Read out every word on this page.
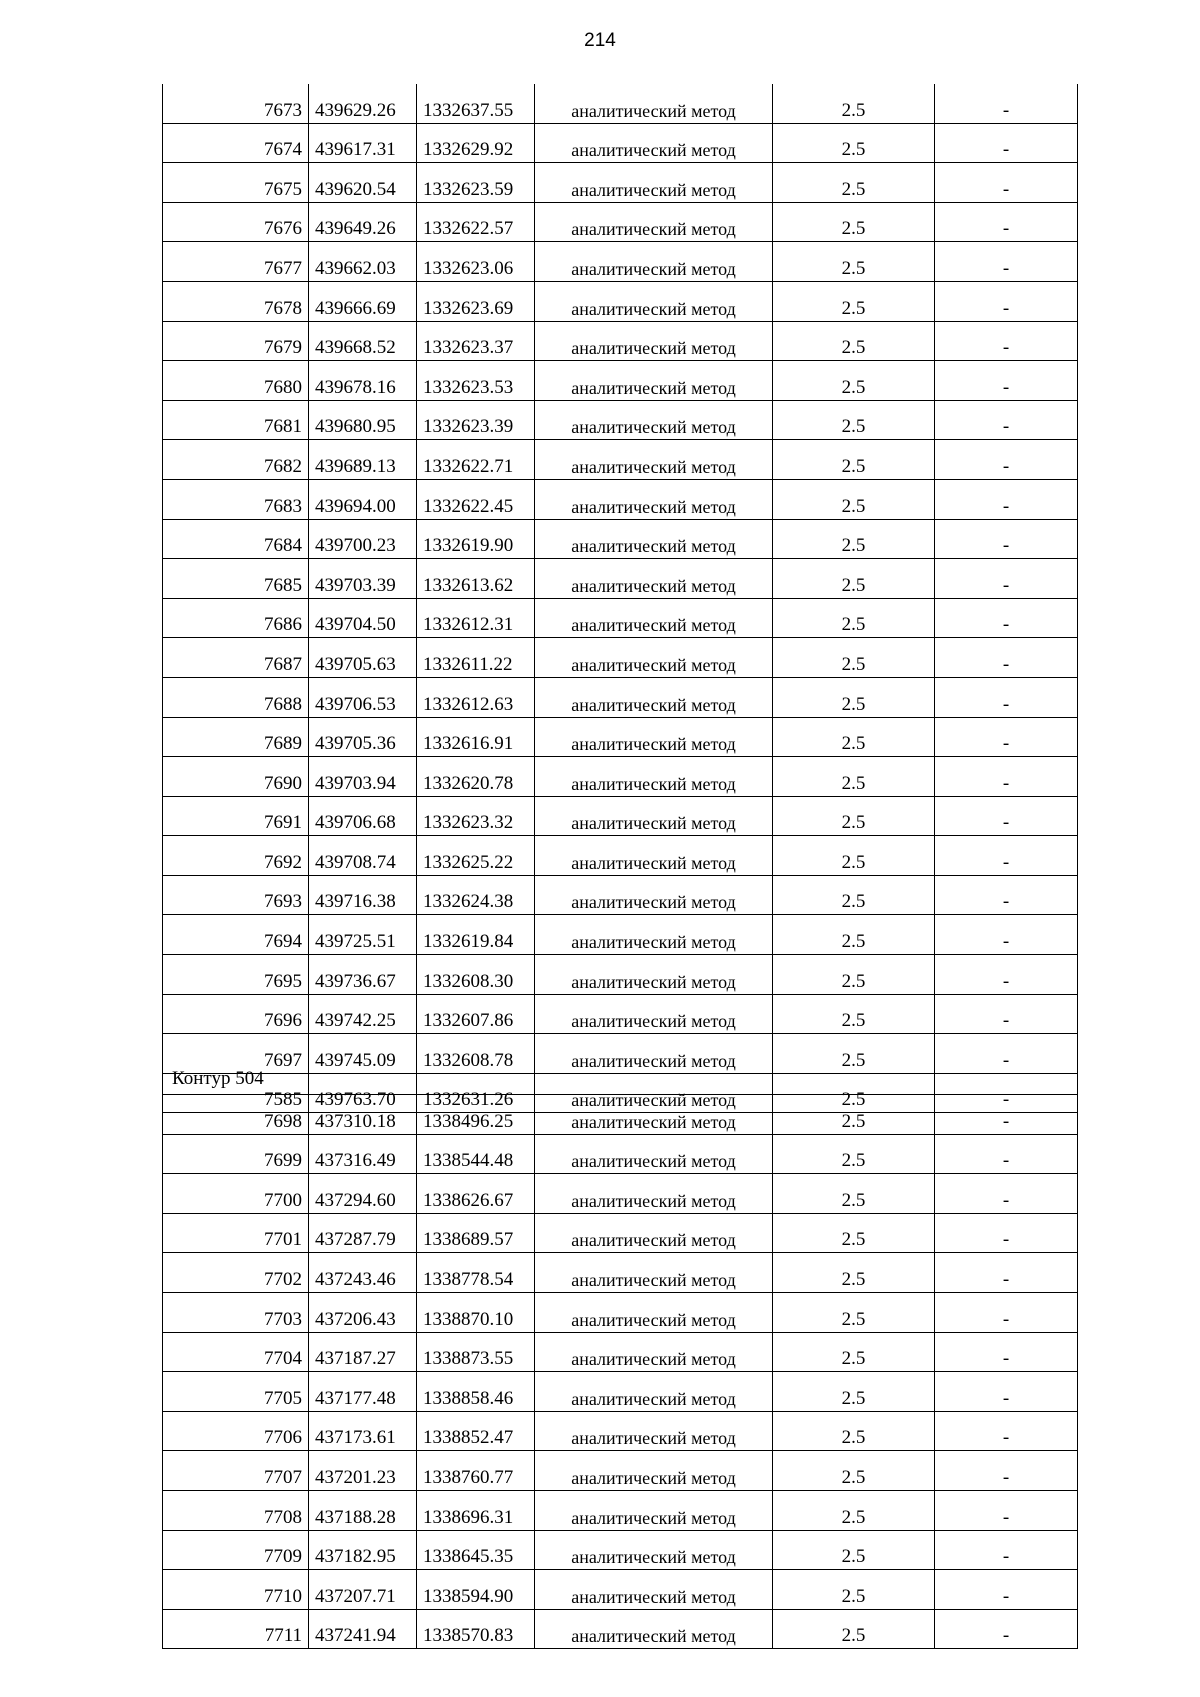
214
7673	439629.26	1332637.55	аналитический метод	2.5	-
7674	439617.31	1332629.92	аналитический метод	2.5	-
7675	439620.54	1332623.59	аналитический метод	2.5	-
7676	439649.26	1332622.57	аналитический метод	2.5	-
7677	439662.03	1332623.06	аналитический метод	2.5	-
7678	439666.69	1332623.69	аналитический метод	2.5	-
7679	439668.52	1332623.37	аналитический метод	2.5	-
7680	439678.16	1332623.53	аналитический метод	2.5	-
7681	439680.95	1332623.39	аналитический метод	2.5	-
7682	439689.13	1332622.71	аналитический метод	2.5	-
7683	439694.00	1332622.45	аналитический метод	2.5	-
7684	439700.23	1332619.90	аналитический метод	2.5	-
7685	439703.39	1332613.62	аналитический метод	2.5	-
7686	439704.50	1332612.31	аналитический метод	2.5	-
7687	439705.63	1332611.22	аналитический метод	2.5	-
7688	439706.53	1332612.63	аналитический метод	2.5	-
7689	439705.36	1332616.91	аналитический метод	2.5	-
7690	439703.94	1332620.78	аналитический метод	2.5	-
7691	439706.68	1332623.32	аналитический метод	2.5	-
7692	439708.74	1332625.22	аналитический метод	2.5	-
7693	439716.38	1332624.38	аналитический метод	2.5	-
7694	439725.51	1332619.84	аналитический метод	2.5	-
7695	439736.67	1332608.30	аналитический метод	2.5	-
7696	439742.25	1332607.86	аналитический метод	2.5	-
7697	439745.09	1332608.78	аналитический метод	2.5	-
7585	439763.70	1332631.26	аналитический метод	2.5	-
Контур 504
7698	437310.18	1338496.25	аналитический метод	2.5	-
7699	437316.49	1338544.48	аналитический метод	2.5	-
7700	437294.60	1338626.67	аналитический метод	2.5	-
7701	437287.79	1338689.57	аналитический метод	2.5	-
7702	437243.46	1338778.54	аналитический метод	2.5	-
7703	437206.43	1338870.10	аналитический метод	2.5	-
7704	437187.27	1338873.55	аналитический метод	2.5	-
7705	437177.48	1338858.46	аналитический метод	2.5	-
7706	437173.61	1338852.47	аналитический метод	2.5	-
7707	437201.23	1338760.77	аналитический метод	2.5	-
7708	437188.28	1338696.31	аналитический метод	2.5	-
7709	437182.95	1338645.35	аналитический метод	2.5	-
7710	437207.71	1338594.90	аналитический метод	2.5	-
7711	437241.94	1338570.83	аналитический метод	2.5	-
